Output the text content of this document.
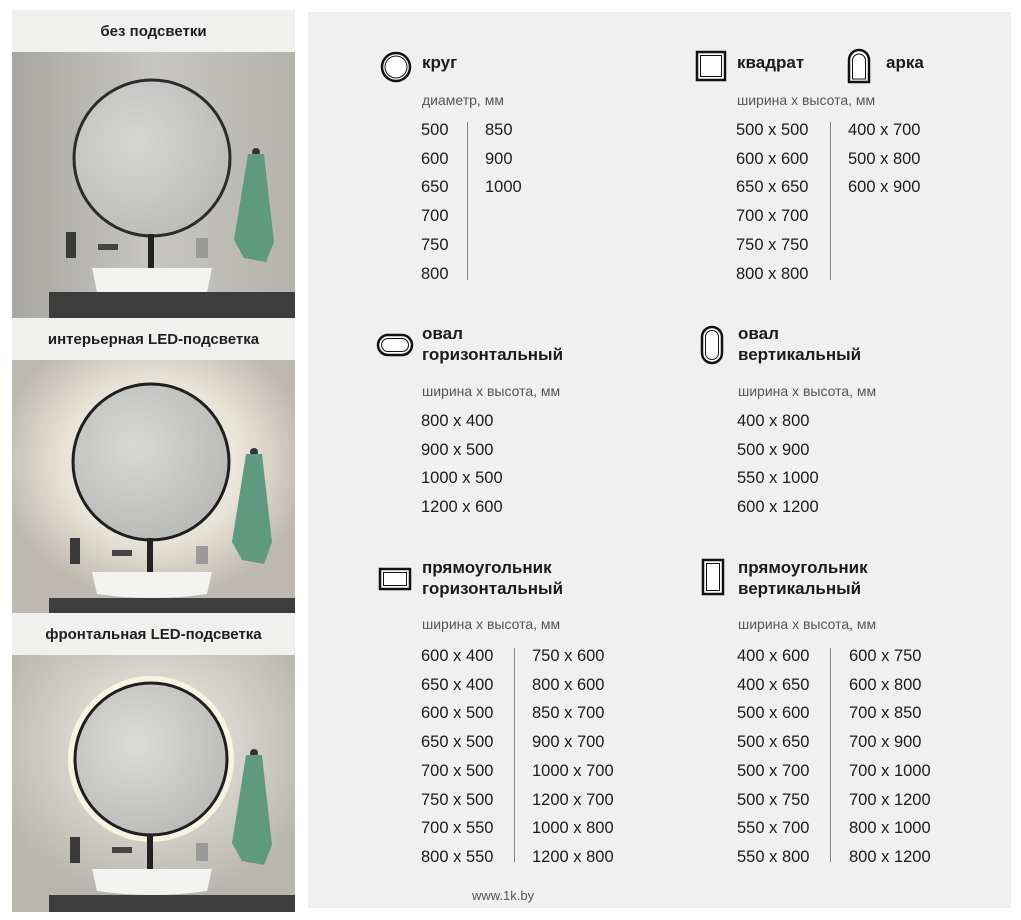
без подсветки
интерьерная LED-подсветка
фронтальная LED-подсветка
круг
диаметр, мм
500
600
650
700
750
800
850
900
1000
квадрат
ширина х высота, мм
500 х 500
600 х 600
650 х 650
700 х 700
750 х 750
800 х 800
арка
400 х 700
500 х 800
600 х 900
овал
горизонтальный
ширина х высота, мм
800 х 400
900 х 500
1000 х 500
1200 х 600
овал
вертикальный
ширина х высота, мм
400 х 800
500 х 900
550 х 1000
600 х 1200
прямоугольник
горизонтальный
ширина х высота, мм
600 х 400
650 х 400
600 х 500
650 х 500
700 х 500
750 х 500
700 х 550
800 х 550
750 х 600
800 х 600
850 х 700
900 х 700
1000 х 700
1200 х 700
1000 х 800
1200 х 800
прямоугольник
вертикальный
ширина х высота, мм
400 х 600
400 х 650
500 х 600
500 х 650
500 х 700
500 х 750
550 х 700
550 х 800
600 х 750
600 х 800
700 х 850
700 х 900
700 х 1000
700 х 1200
800 х 1000
800 х 1200
www.1k.by
